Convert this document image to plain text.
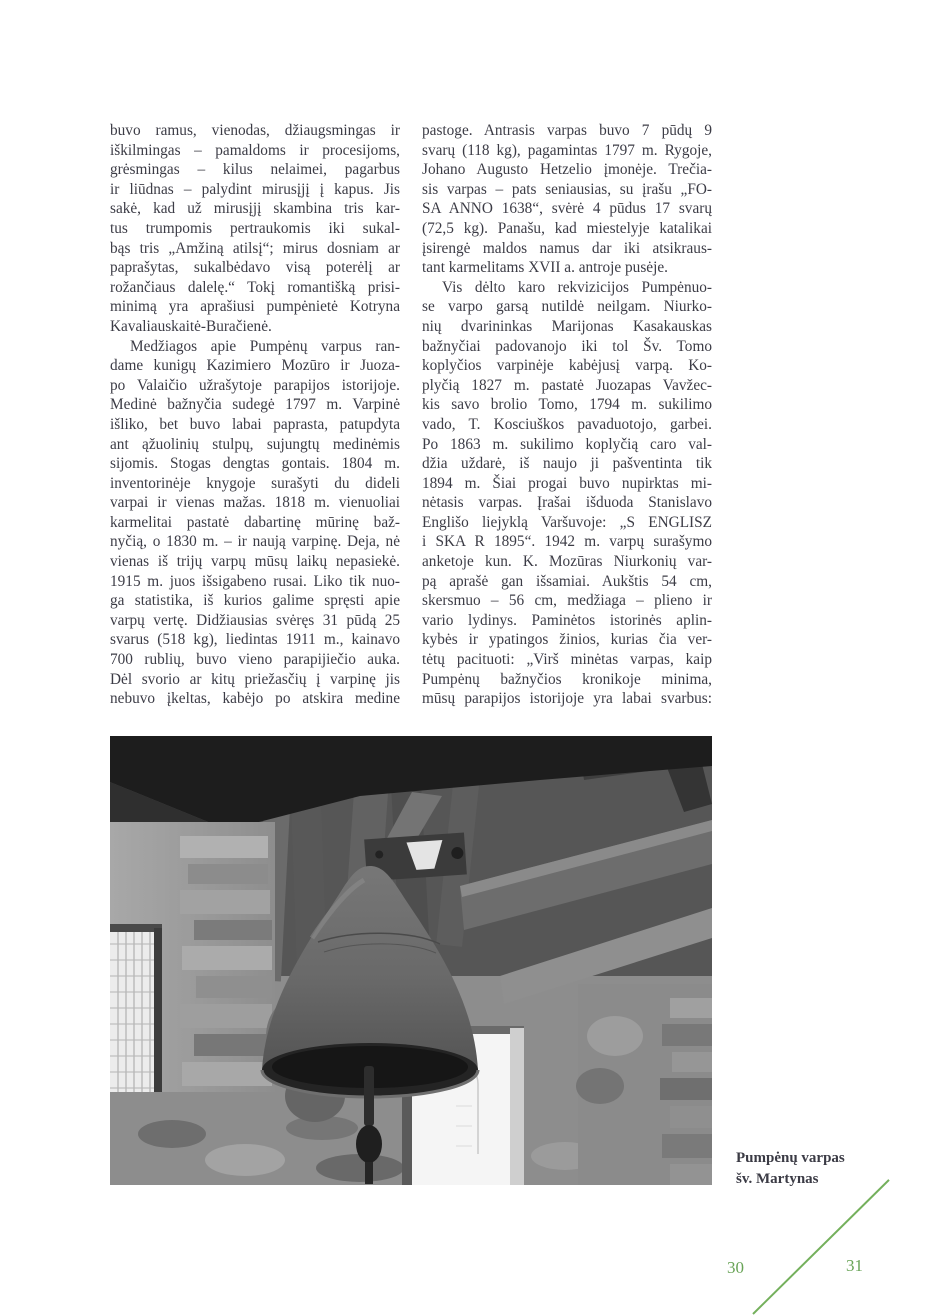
buvo ramus, vienodas, džiaugsmingas ir
iškilmingas – pamaldoms ir procesijoms,
grėsmingas – kilus nelaimei, pagarbus
ir liūdnas – palydint mirusįjį į kapus. Jis
sakė, kad už mirusįjį skambina tris kar-
tus trumpomis pertraukomis iki sukal-
bąs tris „Amžiną atilsį“; mirus dosniam ar
paprašytas, sukalbėdavo visą poterėlį ar
rožančiaus dalelę.“ Tokį romantišką prisi-
minimą yra aprašiusi pumpėnietė Kotryna
Kavaliauskaitė-Buračienė.
Medžiagos apie Pumpėnų varpus ran-
dame kunigų Kazimiero Mozūro ir Juoza-
po Valaičio užrašytoje parapijos istorijoje.
Medinė bažnyčia sudegė 1797 m. Varpinė
išliko, bet buvo labai paprasta, patupdyta
ant ąžuolinių stulpų, sujungtų medinėmis
sijomis. Stogas dengtas gontais. 1804 m.
inventorinėje knygoje surašyti du dideli
varpai ir vienas mažas. 1818 m. vienuoliai
karmelitai pastatė dabartinę mūrinę baž-
nyčią, o 1830 m. – ir naują varpinę. Deja, nė
vienas iš trijų varpų mūsų laikų nepasiekė.
1915 m. juos išsigabeno rusai. Liko tik nuo-
ga statistika, iš kurios galime spręsti apie
varpų vertę. Didžiausias svėręs 31 pūdą 25
svarus (518 kg), liedintas 1911 m., kainavo
700 rublių, buvo vieno parapijiečio auka.
Dėl svorio ar kitų priežasčių į varpinę jis
nebuvo įkeltas, kabėjo po atskira medine
pastoge. Antrasis varpas buvo 7 pūdų 9
svarų (118 kg), pagamintas 1797 m. Rygoje,
Johano Augusto Hetzelio įmonėje. Trečia-
sis varpas – pats seniausias, su įrašu „FO-
SA ANNO 1638“, svėrė 4 pūdus 17 svarų
(72,5 kg). Panašu, kad miestelyje katalikai
įsirengė maldos namus dar iki atsikraus-
tant karmelitams XVII a. antroje pusėje.
Vis dėlto karo rekvizicijos Pumpėnuo-
se varpo garsą nutildė neilgam. Niurko-
nių dvarininkas Marijonas Kasakauskas
bažnyčiai padovanojo iki tol Šv. Tomo
koplyčios varpinėje kabėjusį varpą. Ko-
plyčią 1827 m. pastatė Juozapas Vavžec-
kis savo brolio Tomo, 1794 m. sukilimo
vado, T. Kosciuškos pavaduotojo, garbei.
Po 1863 m. sukilimo koplyčią caro val-
džia uždarė, iš naujo ji pašventinta tik
1894 m. Šiai progai buvo nupirktas mi-
nėtasis varpas. Įrašai išduoda Stanislavo
Englišo liejyklą Varšuvoje: „S ENGLISZ
i SKA R 1895“. 1942 m. varpų surašymo
anketoje kun. K. Mozūras Niurkonių var-
pą aprašė gan išsamiai. Aukštis 54 cm,
skersmuo – 56 cm, medžiaga – plieno ir
vario lydinys. Paminėtos istorinės aplin-
kybės ir ypatingos žinios, kurias čia ver-
tėtų pacituoti: „Virš minėtas varpas, kaip
Pumpėnų bažnyčios kronikoje minima,
mūsų parapijos istorijoje yra labai svarbus:
Pumpėnų varpas
šv. Martynas
30	31
